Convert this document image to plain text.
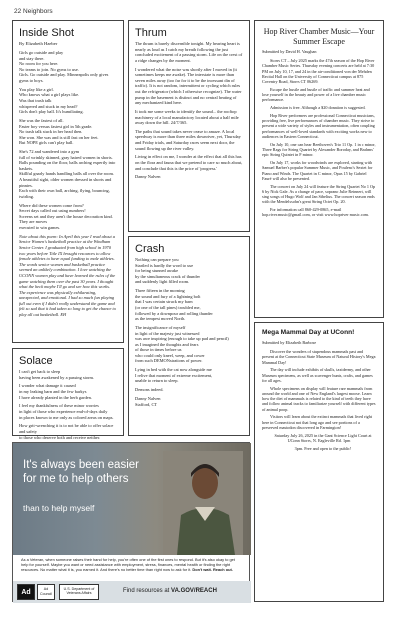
22 Neighbors
Inside Shot
By Elizabeth Haeber

Girls go outside and play
and stay there.
No room for you here.
No teams to join. No gyms to use.
Girls. Go outside and play. Minneapolis only gives gyms to boys.

You play like a girl.
Who knows what a girl plays like.
Was that trash talk
whispered and stuck in my head?
Girls don't play ball. It's humiliating.

She was the fastest of all.
Faster boy versus fastest girl in 5th grade.
No trash talk stuck in her head then.
She won. She was and is still fast on her feet.
But NOPE girls can't play ball.

She's 72 and wandered into a gym
full of wrinkly skinned, gray haired women in shorts.
Balls pounding on the floor, balls arching expertly into baskets.
Skillful gnarly hands handling balls all over the room.
A beautiful sight, older women dressed in shorts and pinnies.
Each with their own ball, arching, flying, bouncing, twirling.

Where did these women come from?
Secret days called out using numbers!
Screens set and they aren't the house decoration kind.
They are moves
executed to win games.

Note about this poem: In April this year I read about a Senior Women's basketball practice at the Windham Senior Center. I graduated from high school in 1970 two years before Title IX brought resources to allow female athletes to have equal funding to male athletes. The words senior women and basketball practice seemed an unlikely combination. I love watching the UCONN women play and have learned the rules of the game watching them over the past 30 years. I thought what the heck maybe I'll go and see how this works. The experience was physically exhilarating, unexpected, and emotional. I had so much fun playing full out even if I didn't really understand the game and felt so sad that it had taken so long to get the chance to play all out basketball. EH

Thrum

The thrum is barely discernible tonight. My hearing heart is nearly as loud as I catch my breath following the just concluded excitement of a passing storm. Life on the crest of a ridge changes by the moment.

I wondered what the noise was shortly after I moved in (it sometimes keeps me awake). The interstate is more than seven miles away (too far for it to be the incessant din of traffic). It is not random, intermittent or cycling which rules out the refrigerator (which I otherwise recognize). The water pump in the basement is distinct and no central heating of any mechanized kind here.

It took me some weeks to identify the sound... the rooftop machinery of a local manufactory located about a half mile away down the hill. 24/7/365.

The paths that sound takes never cease to amaze. A local speedway is more than three miles downriver, yet, Thursday and Friday trials, and Saturday races seem next door, the sound flowing up the river valley.

Living in effect on me, I wonder at the effect that all this has on the flora and fauna that we pretend to care so much about, and conclude that this is the price of 'progress.'

Danny Nalven

Crash

Nothing can prepare you
Startled is hardly the word to use
for being stunned awake
by the simultaneous crack of thunder
and suddenly light filled room.

Three fifteen in the morning
the sound and fury of a lightning bolt
that I was certain struck my barn
(or one of the tall pines) troubled me,
followed by a downpour and rolling thunder
as the tempest moved North.

The insignificance of myself
in light of the majesty just witnessed
was awe inspiring (enough to take up pad and pencil)
as I imagined the thoughts and fears
of those in times before us
who could only kneel, weep, and cower
from such DEMONstrations of power.

Lying in bed with the cat now alongside me
I relive that moment of extreme excitement,
unable to return to sleep.

Demons indeed.

Danny Nalven
Stafford, CT

Solace

I can't get back to sleep
having been awakened by a passing storm.

I wonder what damage it caused
in my leaking barn and the few barkys
I have already planted in the herb garden.

I feel my thankfulness of these minor worries
in light of those who experience end-of-days daily
in places known to me only as colored areas on maps.

How grit-wrenching it is to not be able to offer solace and safety
to those who deserve both and receive neither.

Hop River Chamber Music—Your Summer Escape
Submitted by David H. Vaughan

Storrs CT – July 2025 marks the 47th season of the Hop River Chamber Music Series. Thursday evening concerts are held at 7:30 PM on July 10, 17, and 24 in the air-conditioned von der Mehden Recital Hall on the University of Connecticut campus at 875 Coventry Road, Storrs CT 06269.

Escape the hustle and bustle of traffic and summer heat and lose yourself in the beauty and power of a live chamber music performance.

Admission is free. Although a $20 donation is suggested.

Hop River performers are professional Connecticut musicians, providing free, live performances of chamber music. They strive to present a wide variety of styles and instrumentation, often coupling performances of well-loved standards with exciting works new to audiences in Eastern Connecticut.

On July 10, one can hear Beethoven's Trio 11 Op. 1 in c minor, Three Rags for String Quartet by Alexander Boroday, and Brahms' epic String Quintet in F minor.

On July 17, works for woodwinds are explored, starting with Samuel Barber's popular Summer Music, and Poulenc's Sextet for Piano and Winds. The Quartet in C minor, Opus 15 by Gabriel Fauré will also be presented.

The concert on July 24 will feature the String Quartet No 1 Op 6 by Nick Gale. As a change of pace, soprano Julie Reinnert, will sing songs of Hugo Wolf and Jan Sibelius. The concert season ends with the Mendelssohn's great String Octet Op. 20.

For information call 860-429-0865, e-mail hop.river.music@gmail.com, or visit www.hopriver music.com.

Mega Mammal Day at UConn!
Submitted by Elizabeth Barbose

Discover the wonders of stupendous mammals past and present at the Connecticut State Museum of Natural History's Mega Mammal Day!

The day will include exhibits of skulls, taxidermy, and other Museum specimens, as well as scavenger hunts, crafts, and games for all ages.

Whole specimens on display will feature rare mammals from around the world and one of New England's largest moose. Learn how the diet of mammals is related to the kind of teeth they have and follow animal tracks to familiarize yourself with different types of animal poop.

Visitors will learn about the extinct mammals that lived right here in Connecticut not that long ago and see portions of a preserved mastodon discovered in Farmington!

Saturday July 26, 2025 in the Gant Science Light Court at UConn Storrs, N. Eagleville Rd. 1pm

3pm. Free and open to the public!

It's always been easier for me to help others
than to help myself
As a Veteran, when someone raises their hand for help, you're often one of the first ones to respond. But it's also okay to get help for yourself. Maybe you want or need assistance with employment, stress, finances, mental health or finding the right resources. No matter what it is, you earned it. And there's no better time than right now to ask for it. Don't wait. Reach out.
Ad	Ad Council
U.S. Department of Veterans Affairs	Find resources at VA.GOV/REACH
